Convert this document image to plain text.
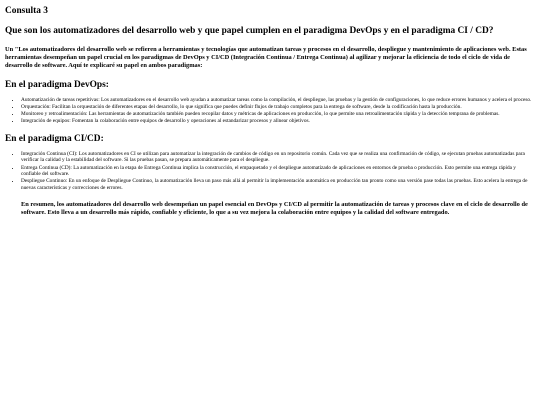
Consulta 3
Que son los automatizadores del desarrollo web y que papel cumplen en el paradigma DevOps y en el paradigma CI / CD?
Un "Los automatizadores del desarrollo web se refieren a herramientas y tecnologías que automatizan tareas y procesos en el desarrollo, despliegue y mantenimiento de aplicaciones web. Estas herramientas desempeñan un papel crucial en los paradigmas de DevOps y CI/CD (Integración Continua / Entrega Continua) al agilizar y mejorar la eficiencia de todo el ciclo de vida de desarrollo de software. Aquí te explicaré su papel en ambos paradigmas:
En el paradigma DevOps:
• Automatización de tareas repetitivas: Los automatizadores en el desarrollo web ayudan a automatizar tareas como la compilación, el despliegue, las pruebas y la gestión de configuraciones, lo que reduce errores humanos y acelera el proceso.
• Orquestación: Facilitan la orquestación de diferentes etapas del desarrollo, lo que significa que puedes definir flujos de trabajo completos para la entrega de software, desde la codificación hasta la producción.
• Monitoreo y retroalimentación: Las herramientas de automatización también pueden recopilar datos y métricas de aplicaciones en producción, lo que permite una retroalimentación rápida y la detección temprana de problemas.
• Integración de equipos: Fomentan la colaboración entre equipos de desarrollo y operaciones al estandarizar procesos y alinear objetivos.
En el paradigma CI/CD:
• Integración Continua (CI): Los automatizadores en CI se utilizan para automatizar la integración de cambios de código en un repositorio común. Cada vez que se realiza una confirmación de código, se ejecutan pruebas automatizadas para verificar la calidad y la estabilidad del software. Si las pruebas pasan, se prepara automáticamente para el despliegue.
• Entrega Continua (CD): La automatización en la etapa de Entrega Continua implica la construcción, el empaquetado y el despliegue automatizado de aplicaciones en entornos de prueba o producción. Esto permite una entrega rápida y confiable del software.
• Despliegue Continuo: En un enfoque de Despliegue Continuo, la automatización lleva un paso más allá al permitir la implementación automática en producción tan pronto como una versión pase todas las pruebas. Esto acelera la entrega de nuevas características y correcciones de errores.
En resumen, los automatizadores del desarrollo web desempeñan un papel esencial en DevOps y CI/CD al permitir la automatización de tareas y procesos clave en el ciclo de desarrollo de software. Esto lleva a un desarrollo más rápido, confiable y eficiente, lo que a su vez mejora la colaboración entre equipos y la calidad del software entregado.
